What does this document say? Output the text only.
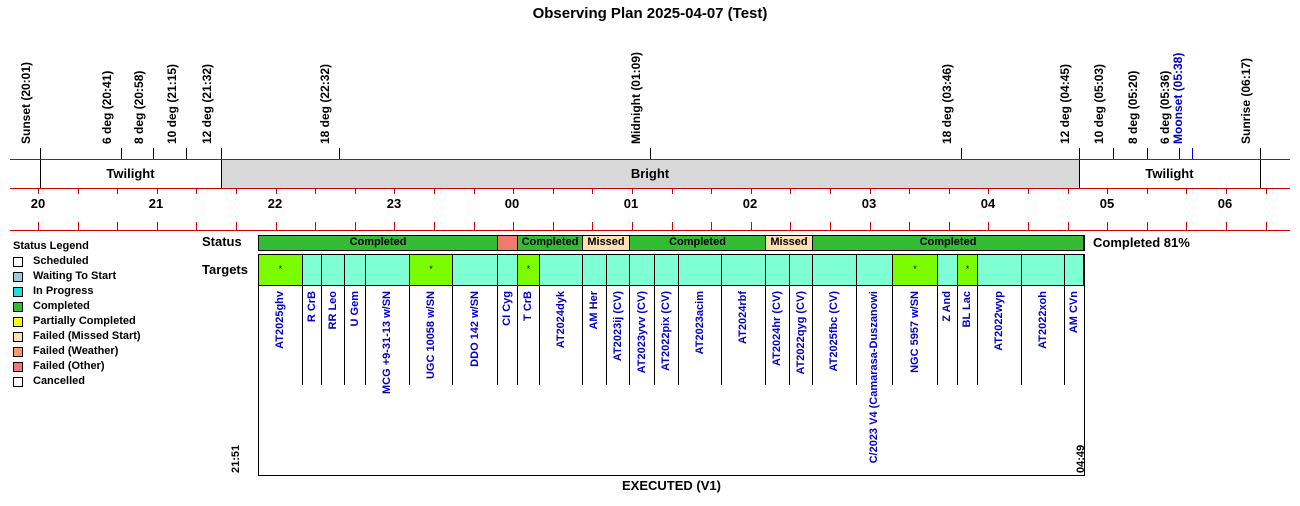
Observing Plan 2025-04-07 (Test)
Sunset (20:01)	6 deg (20:41) 8 deg (20:58) 10 deg (21:15) 12 deg (21:32)	18 deg (22:32)	Midnight (01:09)	18 deg (03:46)	12 deg (04:45) 10 deg (05:03) 8 deg (05:20) 6 deg (05:36) Moonset (05:38)	Sunrise (06:17)
Twilight	Bright	Twilight
20	21	22	23	00	01	02	03	04	05	06
Status Legend
Scheduled
Waiting To Start
In Progress
Completed
Partially Completed
Failed (Missed Start)
Failed (Weather)
Failed (Other)
Cancelled
Status
Targets
Completed	Completed Missed	Completed	Missed	Completed	Completed 81%
*
AT2025ghv R CrB RR Leo U Gem MCG +9-31-13 w/SN
*
UGC 10058 w/SN	DDO 142 w/SN CI Cyg
*
T CrB AT2024dyk AM Her AT2023ij (CV) AT2023yvv (CV) AT2022pix (CV) AT2023acim	AT2024rbf AT2024hr (CV) AT2022qyg (CV) AT2025fbc (CV)	C/2023 V4 (Camarasa-Duszanowi
*
NGC 5957 w/SN Z And
*
BL Lac AT2022wyp	AT2022xoh AM CVn
21:51	04:49
EXECUTED (V1)
